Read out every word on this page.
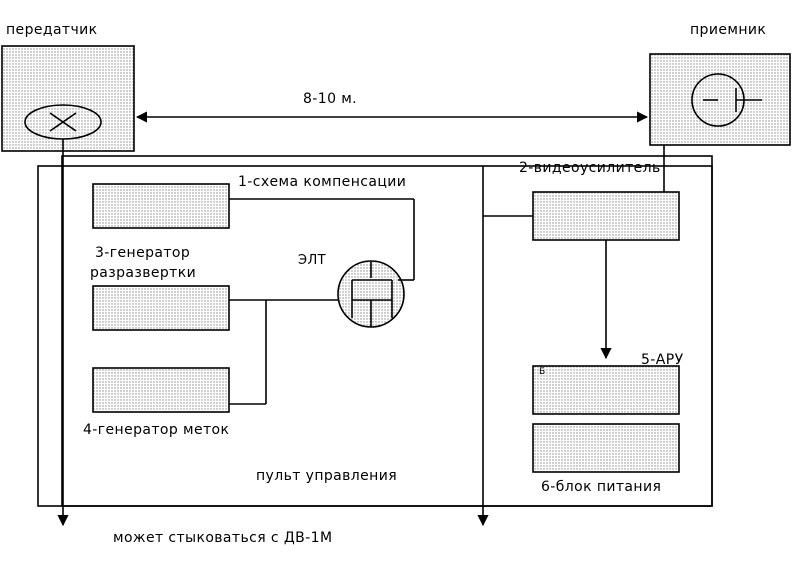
передатчик	приемник
8-10 м.
1-схема компенсации
2-видеоусилитель
3-генератор
разразвертки
ЭЛТ
5-АРУ
4-генератор меток
пульт управления
Б
6-блок питания
может стыковаться с ДВ-1М
